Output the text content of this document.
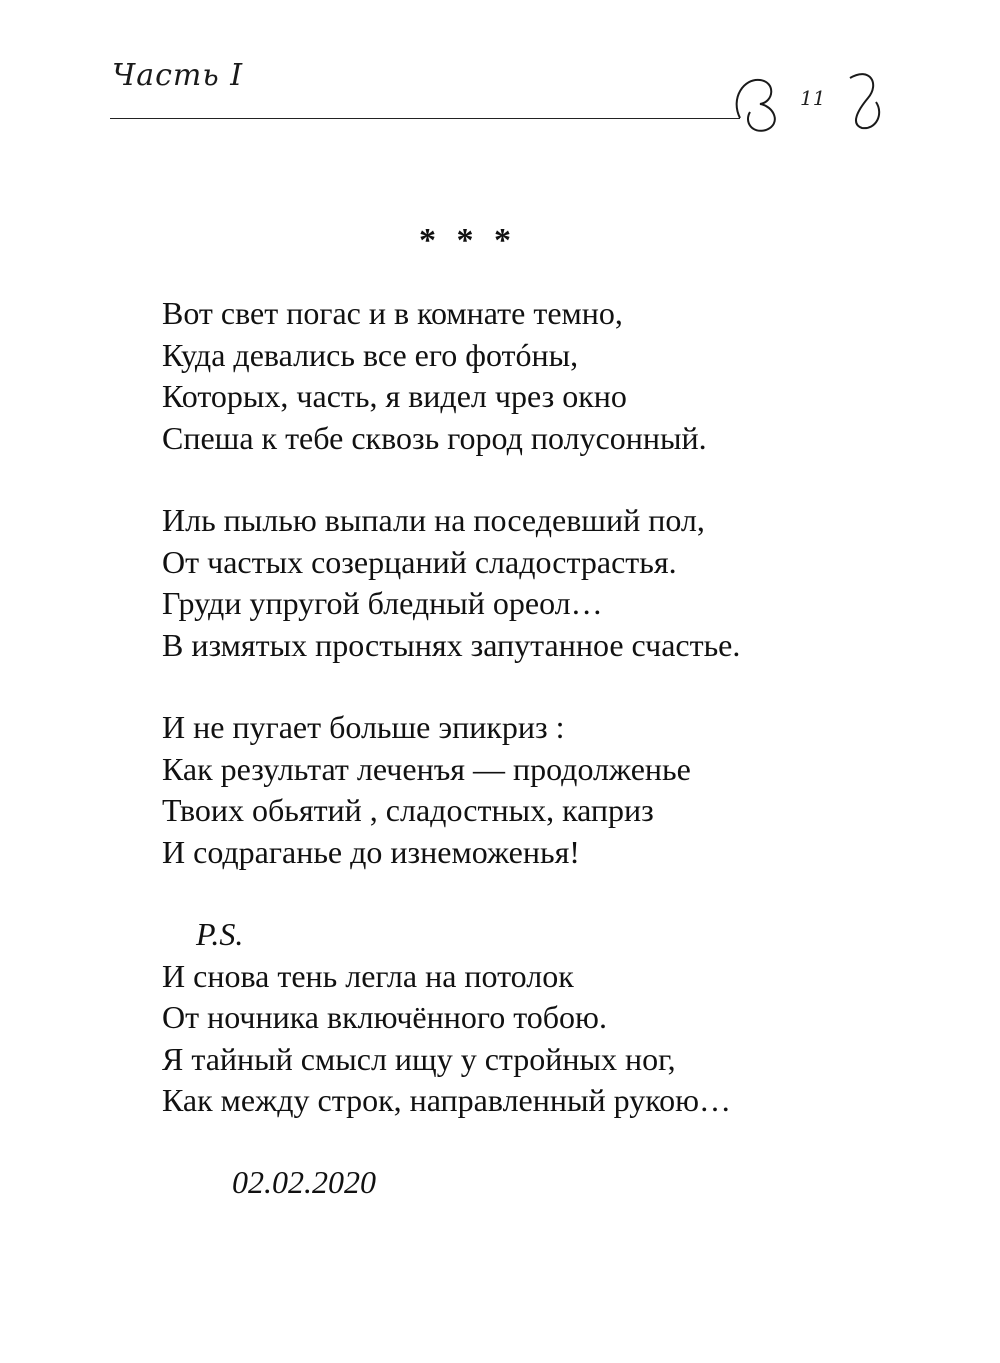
Часть I
11
* * *
Вот свет погас и в комнате темно,
Куда девались все его фотóны,
Которых, часть, я видел чрез окно
Спеша к тебе сквозь город полусонный.
Иль пылью выпали на поседевший пол,
От частых созерцаний сладострастья.
Груди упругой бледный ореол…
В измятых простынях запутанное счастье.
И не пугает больше эпикриз :
Как результат леченъя — продолженье
Твоих обьятий , сладостных, каприз
И содраганье до изнеможенья!
P.S.
И снова тень легла на потолок
От ночника включённого тобою.
Я тайный смысл ищу у стройных ног,
Как между строк, направленный рукою…
02.02.2020
